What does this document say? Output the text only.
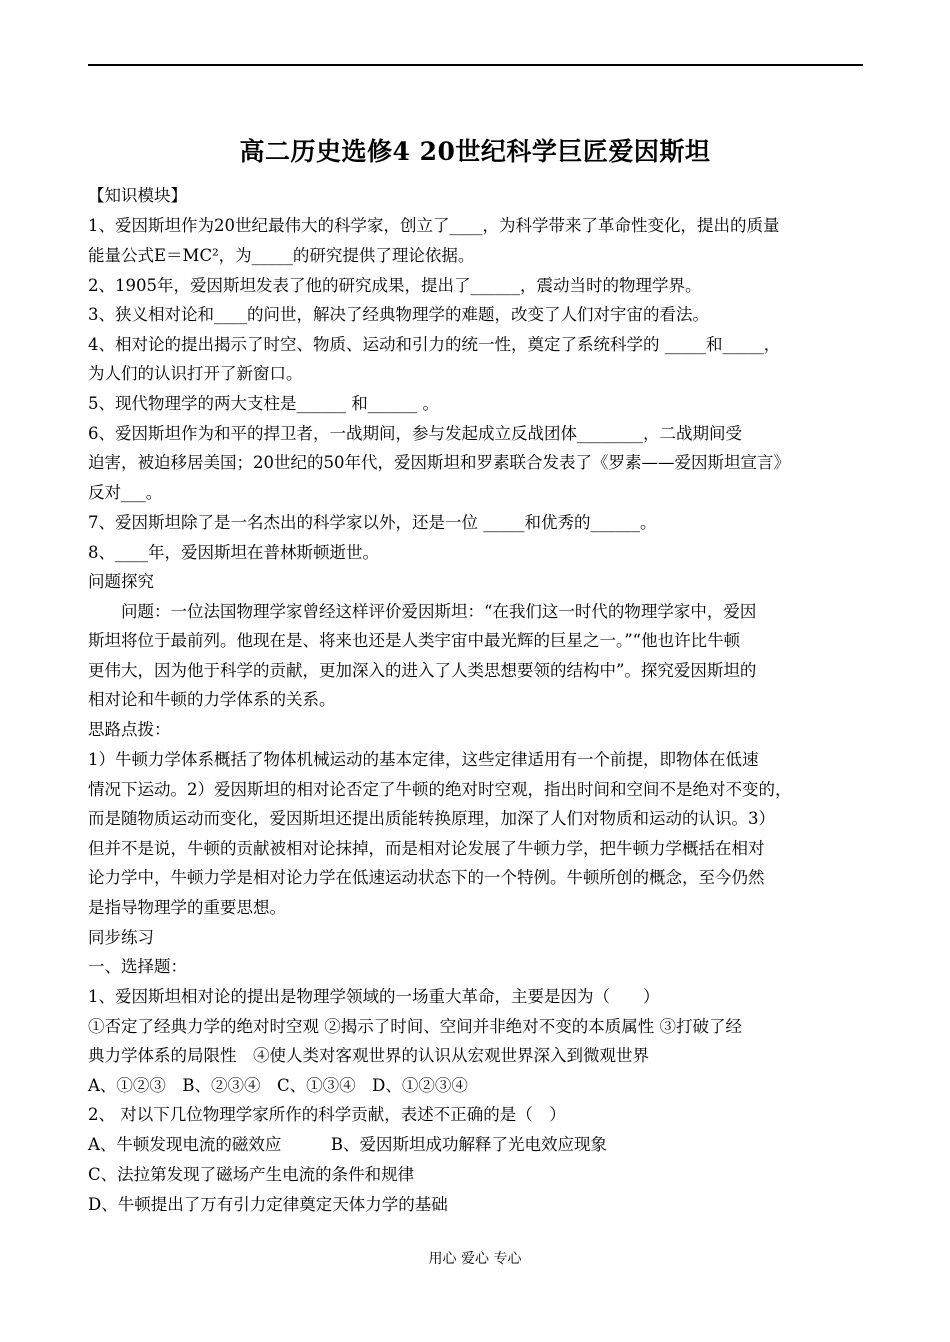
高二历史选修4 20世纪科学巨匠爱因斯坦
【知识模块】
1、爱因斯坦作为20世纪最伟大的科学家，创立了____，为科学带来了革命性变化，提出的质量
能量公式E＝MC²，为_____的研究提供了理论依据。
2、1905年，爱因斯坦发表了他的研究成果，提出了______，震动当时的物理学界。
3、狭义相对论和____的问世，解决了经典物理学的难题，改变了人们对宇宙的看法。
4、相对论的提出揭示了时空、物质、运动和引力的统一性，奠定了系统科学的 _____和_____，
为人们的认识打开了新窗口。
5、现代物理学的两大支柱是______ 和______ 。
6、爱因斯坦作为和平的捍卫者，一战期间，参与发起成立反战团体________，二战期间受
迫害，被迫移居美国；20世纪的50年代，爱因斯坦和罗素联合发表了《罗素——爱因斯坦宣言》
反对___。
7、爱因斯坦除了是一名杰出的科学家以外，还是一位 _____和优秀的______。
8、____年，爱因斯坦在普林斯顿逝世。
问题探究
　　问题：一位法国物理学家曾经这样评价爱因斯坦：“在我们这一时代的物理学家中，爱因
斯坦将位于最前列。他现在是、将来也还是人类宇宙中最光辉的巨星之一。”“他也许比牛顿
更伟大，因为他于科学的贡献，更加深入的进入了人类思想要领的结构中”。探究爱因斯坦的
相对论和牛顿的力学体系的关系。
思路点拨：
1）牛顿力学体系概括了物体机械运动的基本定律，这些定律适用有一个前提，即物体在低速
情况下运动。2）爱因斯坦的相对论否定了牛顿的绝对时空观，指出时间和空间不是绝对不变的，
而是随物质运动而变化，爱因斯坦还提出质能转换原理，加深了人们对物质和运动的认识。3）
但并不是说，牛顿的贡献被相对论抹掉，而是相对论发展了牛顿力学，把牛顿力学概括在相对
论力学中，牛顿力学是相对论力学在低速运动状态下的一个特例。牛顿所创的概念，至今仍然
是指导物理学的重要思想。
同步练习
一、选择题：
1、爱因斯坦相对论的提出是物理学领域的一场重大革命，主要是因为（　　）
①否定了经典力学的绝对时空观 ②揭示了时间、空间并非绝对不变的本质属性 ③打破了经
典力学体系的局限性　④使人类对客观世界的认识从宏观世界深入到微观世界
A、①②③　B、②③④　C、①③④　D、①②③④
2、 对以下几位物理学家所作的科学贡献，表述不正确的是（　）
A、牛顿发现电流的磁效应　　　B、爱因斯坦成功解释了光电效应现象
C、法拉第发现了磁场产生电流的条件和规律
D、牛顿提出了万有引力定律奠定天体力学的基础
用心 爱心 专心
